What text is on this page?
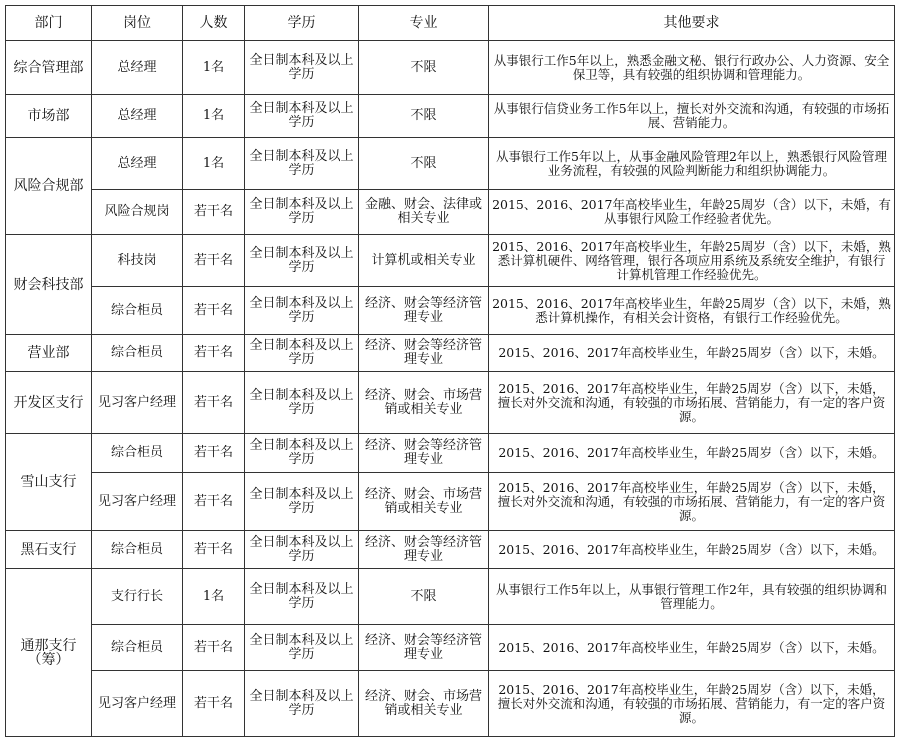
部门	岗位	人数	学历	专业	其他要求
综合管理部	总经理	1名	全日制本科及以上学历	不限	从事银行工作5年以上，熟悉金融文秘、银行行政办公、人力资源、安全保卫等，具有较强的组织协调和管理能力。
市场部	总经理	1名	全日制本科及以上学历	不限	从事银行信贷业务工作5年以上，擅长对外交流和沟通，有较强的市场拓展、营销能力。
风险合规部	总经理	1名	全日制本科及以上学历	不限	从事银行工作5年以上，从事金融风险管理2年以上，熟悉银行风险管理业务流程，有较强的风险判断能力和组织协调能力。
	风险合规岗	若干名	全日制本科及以上学历	金融、财会、法律或相关专业	2015、2016、2017年高校毕业生，年龄25周岁（含）以下，未婚，有从事银行风险工作经验者优先。
财会科技部	科技岗	若干名	全日制本科及以上学历	计算机或相关专业	2015、2016、2017年高校毕业生，年龄25周岁（含）以下，未婚，熟悉计算机硬件、网络管理，银行各项应用系统及系统安全维护，有银行计算机管理工作经验优先。
	综合柜员	若干名	全日制本科及以上学历	经济、财会等经济管理专业	2015、2016、2017年高校毕业生，年龄25周岁（含）以下，未婚，熟悉计算机操作，有相关会计资格，有银行工作经验优先。
营业部	综合柜员	若干名	全日制本科及以上学历	经济、财会等经济管理专业	2015、2016、2017年高校毕业生，年龄25周岁（含）以下，未婚。
开发区支行	见习客户经理	若干名	全日制本科及以上学历	经济、财会、市场营销或相关专业	2015、2016、2017年高校毕业生，年龄25周岁（含）以下，未婚， 擅长对外交流和沟通，有较强的市场拓展、营销能力，有一定的客户资源。
雪山支行	综合柜员	若干名	全日制本科及以上学历	经济、财会等经济管理专业	2015、2016、2017年高校毕业生，年龄25周岁（含）以下，未婚。
	见习客户经理	若干名	全日制本科及以上学历	经济、财会、市场营销或相关专业	2015、2016、2017年高校毕业生，年龄25周岁（含）以下，未婚， 擅长对外交流和沟通，有较强的市场拓展、营销能力，有一定的客户资源。
黑石支行	综合柜员	若干名	全日制本科及以上学历	经济、财会等经济管理专业	2015、2016、2017年高校毕业生，年龄25周岁（含）以下，未婚。
通那支行（筹）	支行行长	1名	全日制本科及以上学历	不限	从事银行工作5年以上，从事银行管理工作2年，具有较强的组织协调和管理能力。
	综合柜员	若干名	全日制本科及以上学历	经济、财会等经济管理专业	2015、2016、2017年高校毕业生，年龄25周岁（含）以下，未婚。
	见习客户经理	若干名	全日制本科及以上学历	经济、财会、市场营销或相关专业	2015、2016、2017年高校毕业生，年龄25周岁（含）以下，未婚， 擅长对外交流和沟通，有较强的市场拓展、营销能力，有一定的客户资源。
